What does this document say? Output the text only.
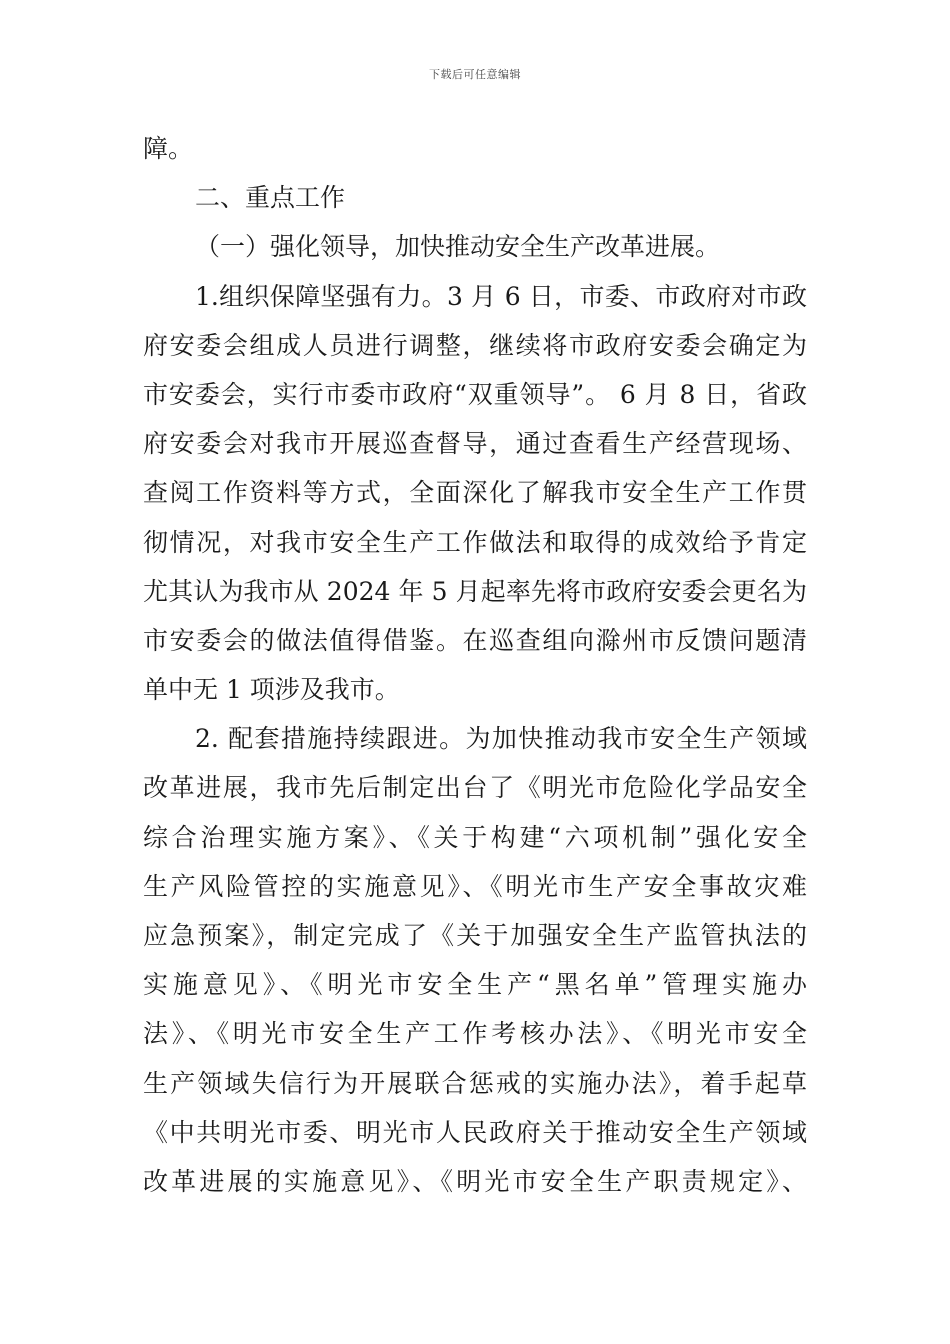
下载后可任意编辑
障。
二、重点工作
（一）强化领导，加快推动安全生产改革进展。
1.组织保障坚强有力。3 月 6 日，市委、市政府对市政
府安委会组成人员进行调整，继续将市政府安委会确定为
市安委会，实行市委市政府“双重领导”。 6 月 8 日，省政
府安委会对我市开展巡查督导，通过查看生产经营现场、
查阅工作资料等方式，全面深化了解我市安全生产工作贯
彻情况，对我市安全生产工作做法和取得的成效给予肯定
尤其认为我市从 2024 年 5 月起率先将市政府安委会更名为
市安委会的做法值得借鉴。在巡查组向滁州市反馈问题清
单中无 1 项涉及我市。
2. 配套措施持续跟进。为加快推动我市安全生产领域
改革进展，我市先后制定出台了《明光市危险化学品安全
综合治理实施方案》、《关于构建“六项机制”强化安全
生产风险管控的实施意见》、《明光市生产安全事故灾难
应急预案》，制定完成了《关于加强安全生产监管执法的
实施意见》、《明光市安全生产“黑名单”管理实施办
法》、《明光市安全生产工作考核办法》、《明光市安全
生产领域失信行为开展联合惩戒的实施办法》，着手起草
《中共明光市委、明光市人民政府关于推动安全生产领域
改革进展的实施意见》、《明光市安全生产职责规定》、
